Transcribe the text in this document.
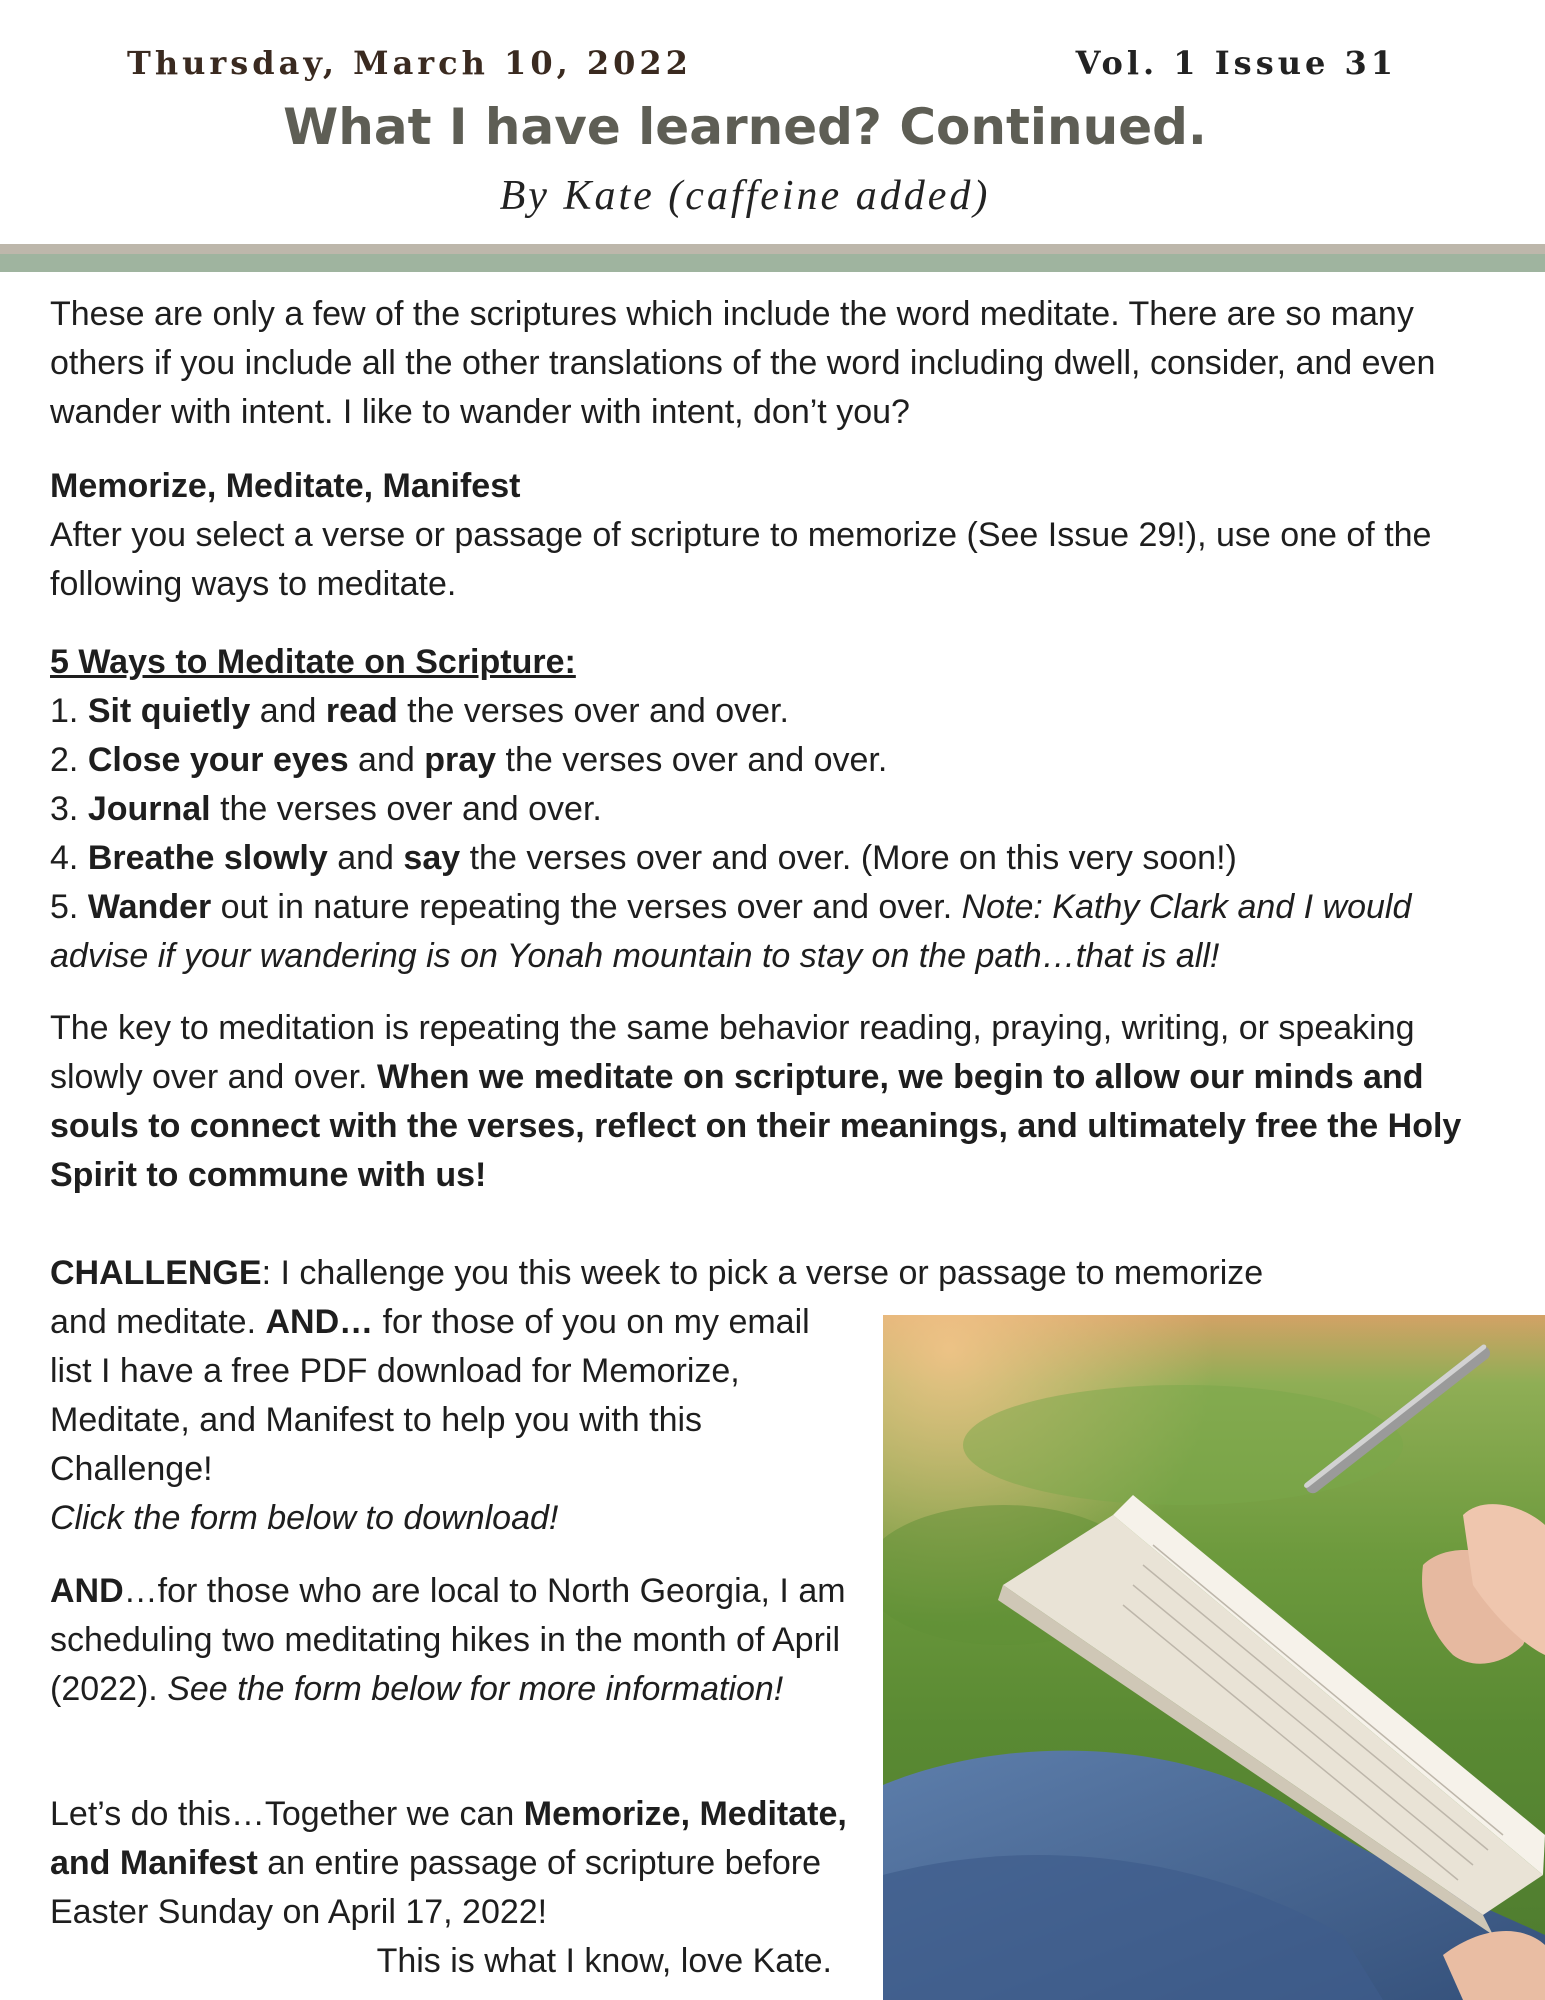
Thursday, March 10, 2022	Vol. 1 Issue 31
What I have learned? Continued.
By Kate (caffeine added)

These are only a few of the scriptures which include the word meditate. There are so many others if you include all the other translations of the word including dwell, consider, and even wander with intent. I like to wander with intent, don’t you?

Memorize, Meditate, Manifest

After you select a verse or passage of scripture to memorize (See Issue 29!), use one of the following ways to meditate.

5 Ways to Meditate on Scripture:

1. Sit quietly and read the verses over and over.

2. Close your eyes and pray the verses over and over.

3. Journal the verses over and over.

4. Breathe slowly and say the verses over and over. (More on this very soon!)

5. Wander out in nature repeating the verses over and over. Note: Kathy Clark and I would advise if your wandering is on Yonah mountain to stay on the path…that is all!

The key to meditation is repeating the same behavior reading, praying, writing, or speaking slowly over and over. When we meditate on scripture, we begin to allow our minds and souls to connect with the verses, reflect on their meanings, and ultimately free the Holy Spirit to commune with us!

CHALLENGE: I challenge you this week to pick a verse or passage to memorize

and meditate. AND… for those of you on my email list I have a free PDF download for Memorize, Meditate, and Manifest to help you with this Challenge!

Click the form below to download!

AND…for those who are local to North Georgia, I am scheduling two meditating hikes in the month of April (2022). See the form below for more information!

Let’s do this…Together we can Memorize, Meditate, and Manifest an entire passage of scripture before Easter Sunday on April 17, 2022!

This is what I know, love Kate.
